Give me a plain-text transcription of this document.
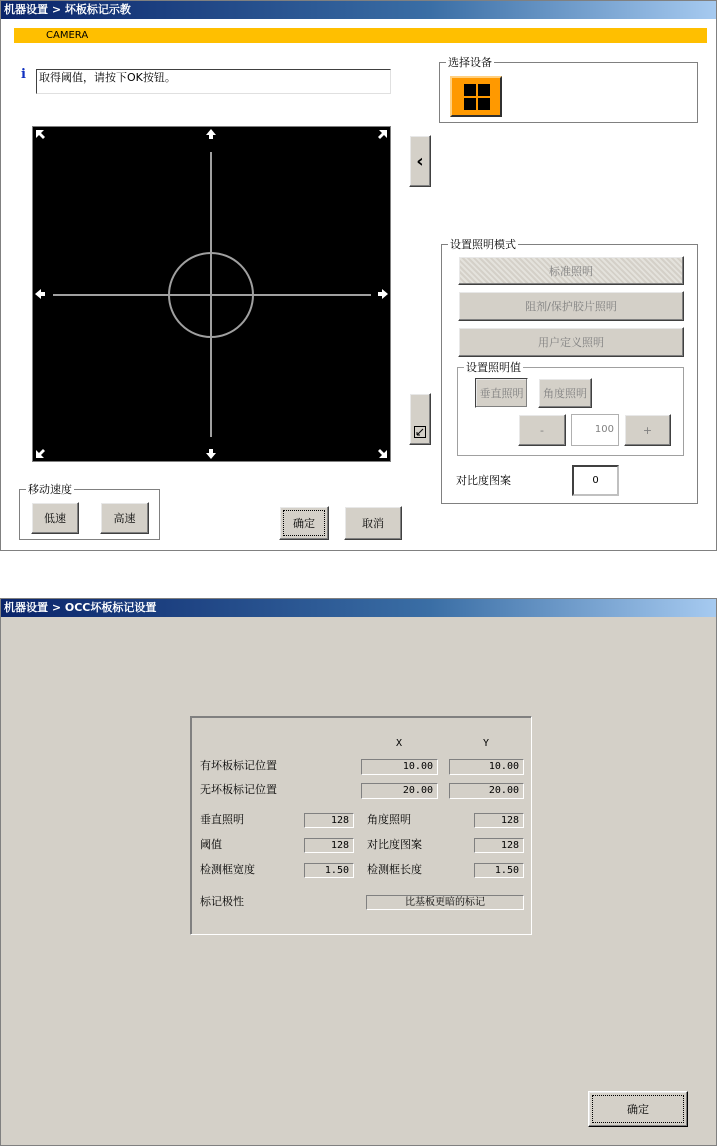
机器设置 > 坏板标记示教
CAMERA
i 取得阈值，请按下OK按钮。
‹
选择设备
设置照明模式
标准照明
阻剂/保护胶片照明
用户定义照明
设置照明值
垂直照明	角度照明
-	100	+
对比度图案	0
移动速度
低速	高速	确定	取消
机器设置 > OCC坏板标记设置
X	Y
有坏板标记位置	10.00	10.00
无坏板标记位置	20.00	20.00
垂直照明	128	角度照明	128
阈值	128	对比度图案	128
检测框宽度	1.50	检测框长度	1.50
标记极性	比基板更暗的标记
确定
